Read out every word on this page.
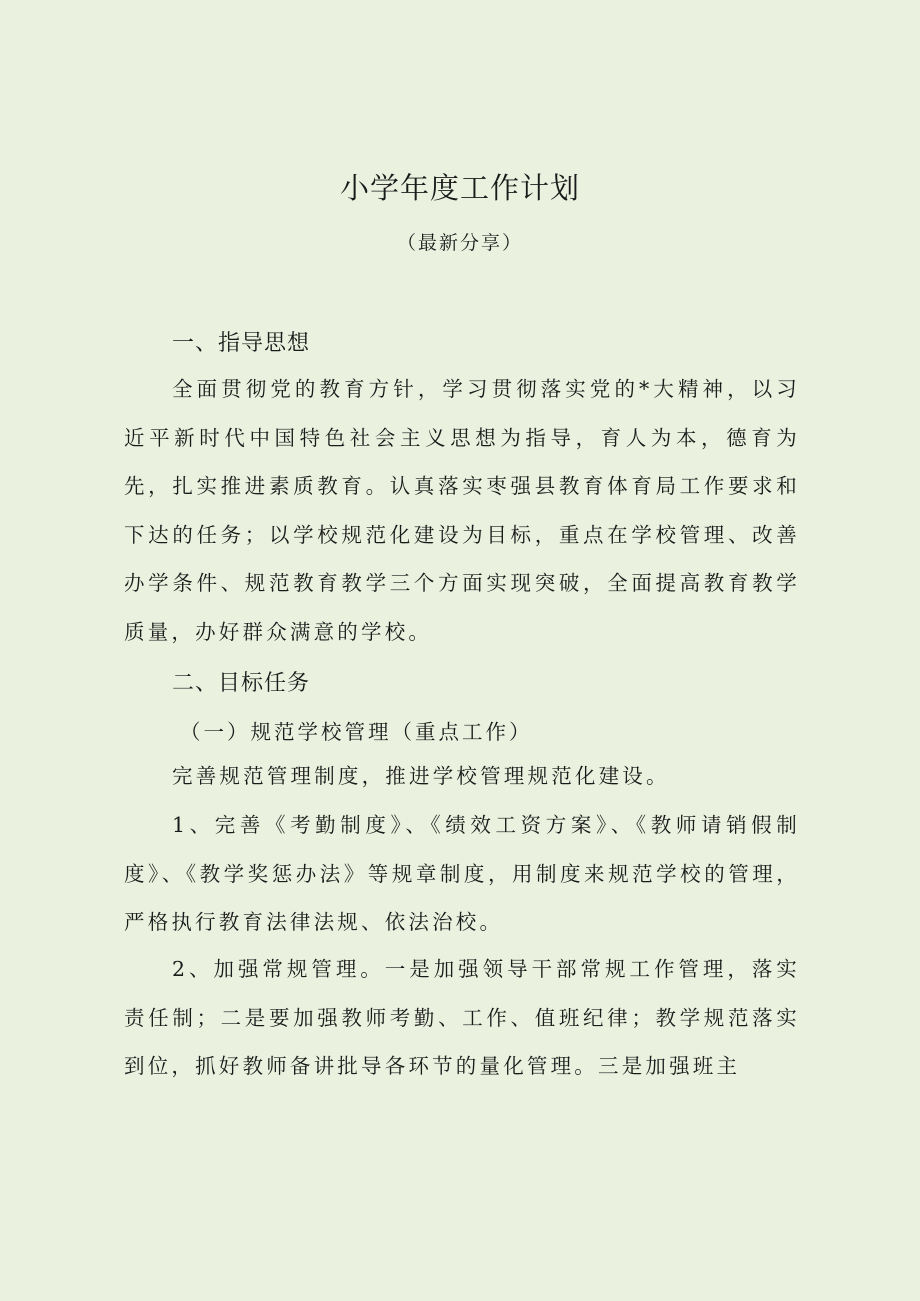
小学年度工作计划
（最新分享）
一、指导思想

全面贯彻党的教育方针，学习贯彻落实党的*大精神，以习近平新时代中国特色社会主义思想为指导，育人为本，德育为先，扎实推进素质教育。认真落实枣强县教育体育局工作要求和下达的任务；以学校规范化建设为目标，重点在学校管理、改善办学条件、规范教育教学三个方面实现突破，全面提高教育教学质量，办好群众满意的学校。

二、目标任务
（一）规范学校管理（重点工作）

完善规范管理制度，推进学校管理规范化建设。

1、完善《考勤制度》、《绩效工资方案》、《教师请销假制度》、《教学奖惩办法》等规章制度，用制度来规范学校的管理，严格执行教育法律法规、依法治校。

2、加强常规管理。一是加强领导干部常规工作管理，落实责任制；二是要加强教师考勤、工作、值班纪律；教学规范落实到位，抓好教师备讲批导各环节的量化管理。三是加强班主
